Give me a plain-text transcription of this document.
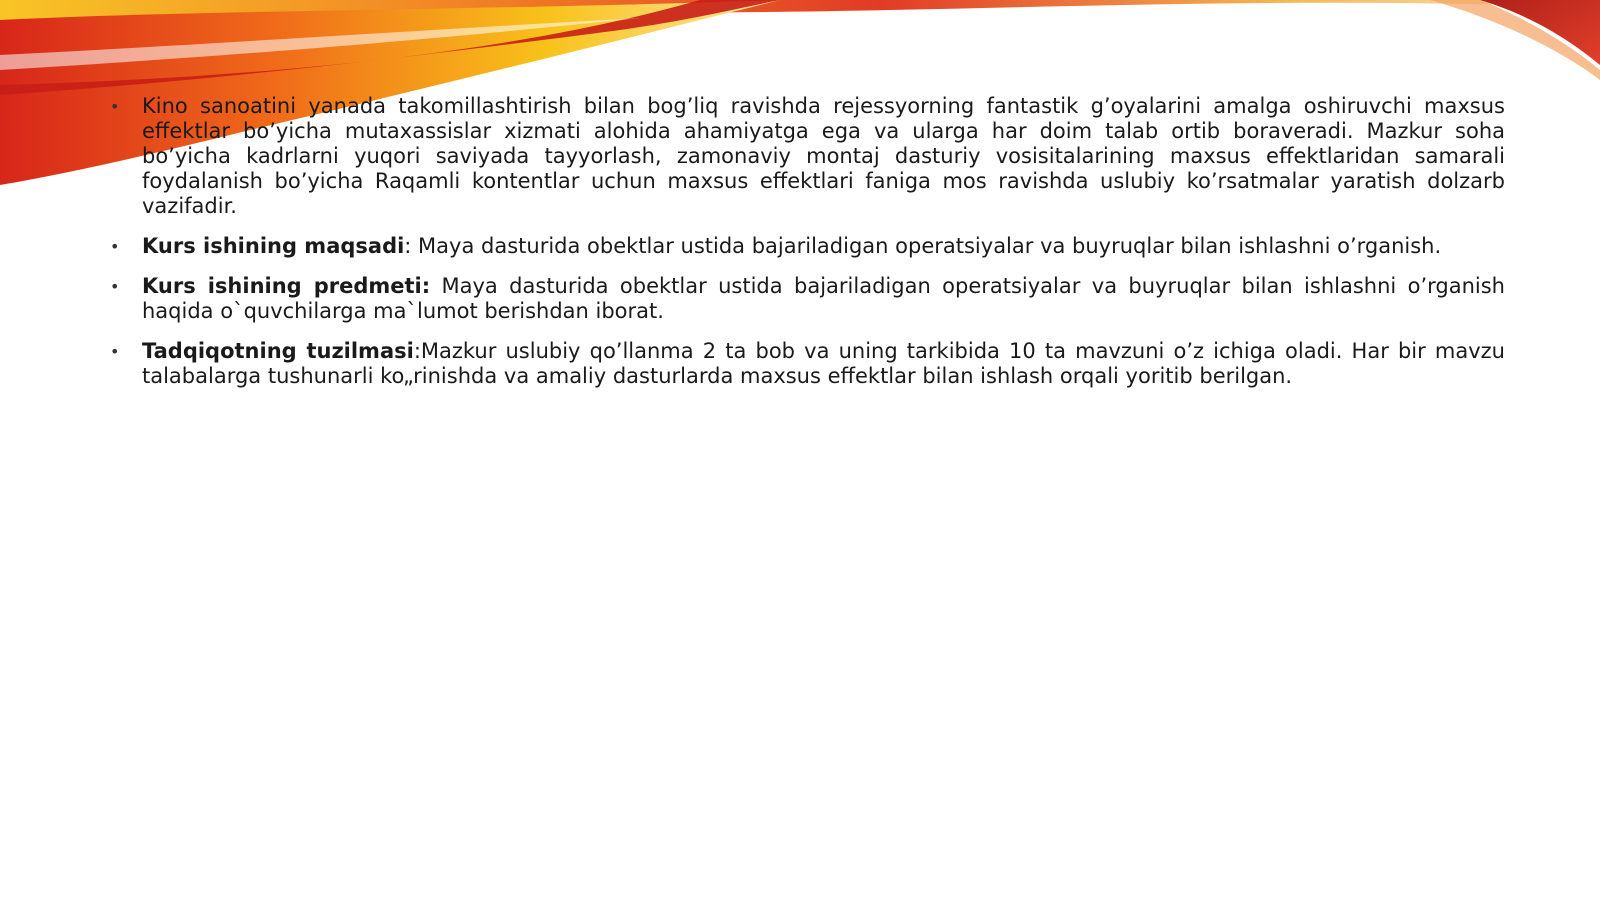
• Kino sanoatini yanada takomillashtirish bilan bog’liq ravishda rejessyorning fantastik g’oyalarini amalga oshiruvchi maxsus effektlar bo’yicha mutaxassislar xizmati alohida ahamiyatga ega va ularga har doim talab ortib boraveradi. Mazkur soha bo’yicha kadrlarni yuqori saviyada tayyorlash, zamonaviy montaj dasturiy vosisitalarining maxsus effektlaridan samarali foydalanish bo’yicha Raqamli kontentlar uchun maxsus effektlari faniga mos ravishda uslubiy ko’rsatmalar yaratish dolzarb vazifadir.
• Kurs ishining maqsadi: Maya dasturida obektlar ustida bajariladigan operatsiyalar va buyruqlar bilan ishlashni o’rganish.
• Kurs ishining predmeti: Maya dasturida obektlar ustida bajariladigan operatsiyalar va buyruqlar bilan ishlashni o’rganish haqida o`quvchilarga ma`lumot berishdan iborat.
• Tadqiqotning tuzilmasi:Mazkur uslubiy qo’llanma 2 ta bob va uning tarkibida 10 ta mavzuni o’z ichiga oladi. Har bir mavzu talabalarga tushunarli ko„rinishda va amaliy dasturlarda maxsus effektlar bilan ishlash orqali yoritib berilgan.
